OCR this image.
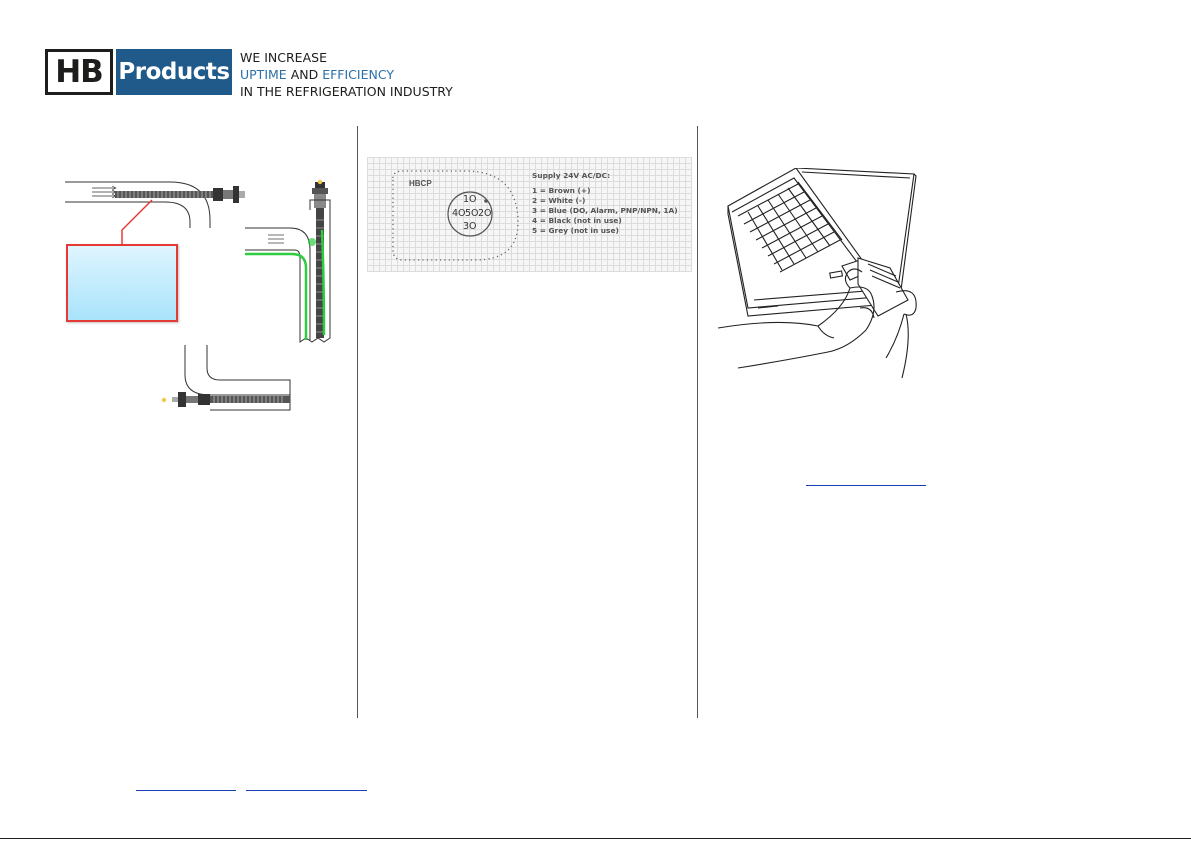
HB Products
WE INCREASE
UPTIME AND EFFICIENCY
IN THE REFRIGERATION INDUSTRY
HBCP
1O
4O 5O 2O
3O
Supply 24V AC/DC:
1 = Brown (+)
2 = White (-)
3 = Blue (DO, Alarm, PNP/NPN, 1A)
4 = Black (not in use)
5 = Grey (not in use)
